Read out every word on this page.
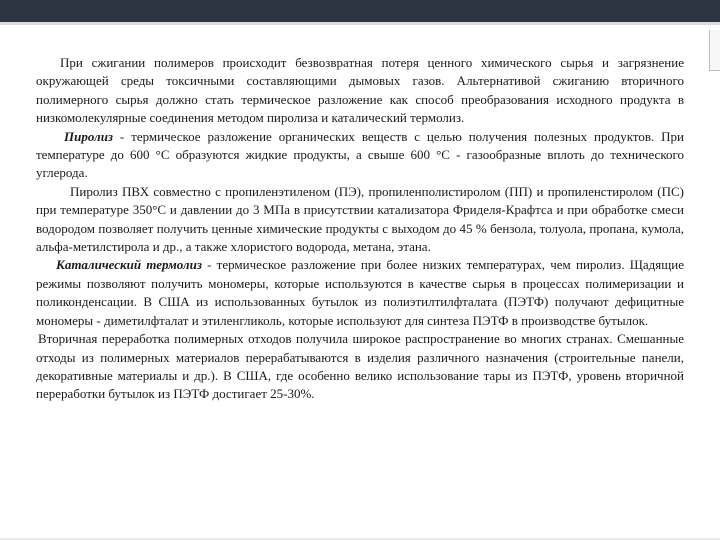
При сжигании полимеров происходит безвозвратная потеря ценного химического сырья и загрязнение окружающей среды токсичными составляющими дымовых газов. Альтернативой сжиганию вторичного полимерного сырья должно стать термическое разложение как способ преобразования исходного продукта в низкомолекулярные соединения методом пиролиза и каталический термолиз.

Пиролиз - термическое разложение органических веществ с целью получения полезных продуктов. При температуре до 600 °С образуются жидкие продукты, а свыше 600 °С - газообразные вплоть до технического углерода.

Пиролиз ПВХ совместно с пропиленэтиленом (ПЭ), пропиленполистиролом (ПП) и пропиленстиролом (ПС) при температуре 350°С и давлении до 3 МПа в присутствии катализатора Фриделя-Крафтса и при обработке смеси водородом позволяет получить ценные химические продукты с выходом до 45 % бензола, толуола, пропана, кумола, альфа-метилстирола и др., а также хлористого водорода, метана, этана.

Каталический термолиз - термическое разложение при более низких температурах, чем пиролиз. Щадящие режимы позволяют получить мономеры, которые используются в качестве сырья в процессах полимеризации и поликонденсации. В США из использованных бутылок из полиэтилтилфталата (ПЭТФ) получают дефицитные мономеры - диметилфталат и этиленгликоль, которые используют для синтеза ПЭТФ в производстве бутылок.

Вторичная переработка полимерных отходов получила широкое распространение во многих странах. Смешанные отходы из полимерных материалов перерабатываются в изделия различного назначения (строительные панели, декоративные материалы и др.). В США, где особенно велико использование тары из ПЭТФ, уровень вторичной переработки бутылок из ПЭТФ достигает 25-30%.
